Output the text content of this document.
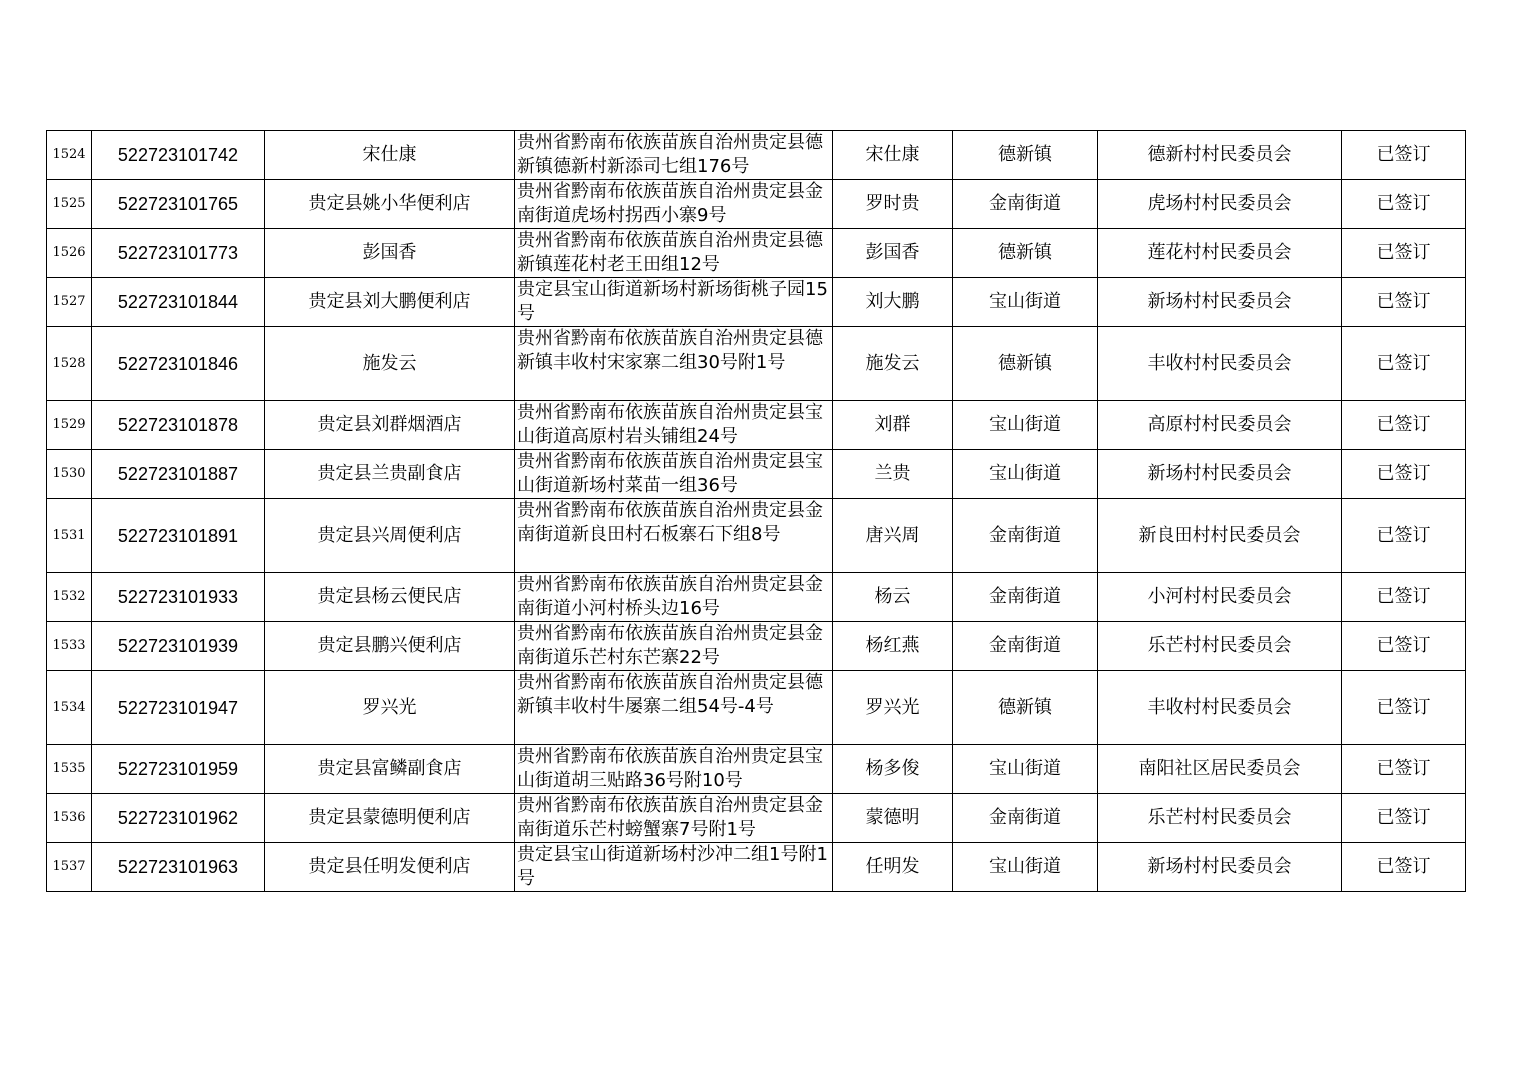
1524	522723101742	宋仕康	贵州省黔南布依族苗族自治州贵定县德新镇德新村新添司七组176号	宋仕康	德新镇	德新村村民委员会	已签订
1525	522723101765	贵定县姚小华便利店	贵州省黔南布依族苗族自治州贵定县金南街道虎场村拐西小寨9号	罗时贵	金南街道	虎场村村民委员会	已签订
1526	522723101773	彭国香	贵州省黔南布依族苗族自治州贵定县德新镇莲花村老王田组12号	彭国香	德新镇	莲花村村民委员会	已签订
1527	522723101844	贵定县刘大鹏便利店	贵定县宝山街道新场村新场街桃子园15号	刘大鹏	宝山街道	新场村村民委员会	已签订
1528	522723101846	施发云	贵州省黔南布依族苗族自治州贵定县德新镇丰收村宋家寨二组30号附1号	施发云	德新镇	丰收村村民委员会	已签订
1529	522723101878	贵定县刘群烟酒店	贵州省黔南布依族苗族自治州贵定县宝山街道高原村岩头铺组24号	刘群	宝山街道	高原村村民委员会	已签订
1530	522723101887	贵定县兰贵副食店	贵州省黔南布依族苗族自治州贵定县宝山街道新场村菜苗一组36号	兰贵	宝山街道	新场村村民委员会	已签订
1531	522723101891	贵定县兴周便利店	贵州省黔南布依族苗族自治州贵定县金南街道新良田村石板寨石下组8号	唐兴周	金南街道	新良田村村民委员会	已签订
1532	522723101933	贵定县杨云便民店	贵州省黔南布依族苗族自治州贵定县金南街道小河村桥头边16号	杨云	金南街道	小河村村民委员会	已签订
1533	522723101939	贵定县鹏兴便利店	贵州省黔南布依族苗族自治州贵定县金南街道乐芒村东芒寨22号	杨红燕	金南街道	乐芒村村民委员会	已签订
1534	522723101947	罗兴光	贵州省黔南布依族苗族自治州贵定县德新镇丰收村牛屡寨二组54号-4号	罗兴光	德新镇	丰收村村民委员会	已签订
1535	522723101959	贵定县富鳞副食店	贵州省黔南布依族苗族自治州贵定县宝山街道胡三贴路36号附10号	杨多俊	宝山街道	南阳社区居民委员会	已签订
1536	522723101962	贵定县蒙德明便利店	贵州省黔南布依族苗族自治州贵定县金南街道乐芒村螃蟹寨7号附1号	蒙德明	金南街道	乐芒村村民委员会	已签订
1537	522723101963	贵定县任明发便利店	贵定县宝山街道新场村沙冲二组1号附1号	任明发	宝山街道	新场村村民委员会	已签订
